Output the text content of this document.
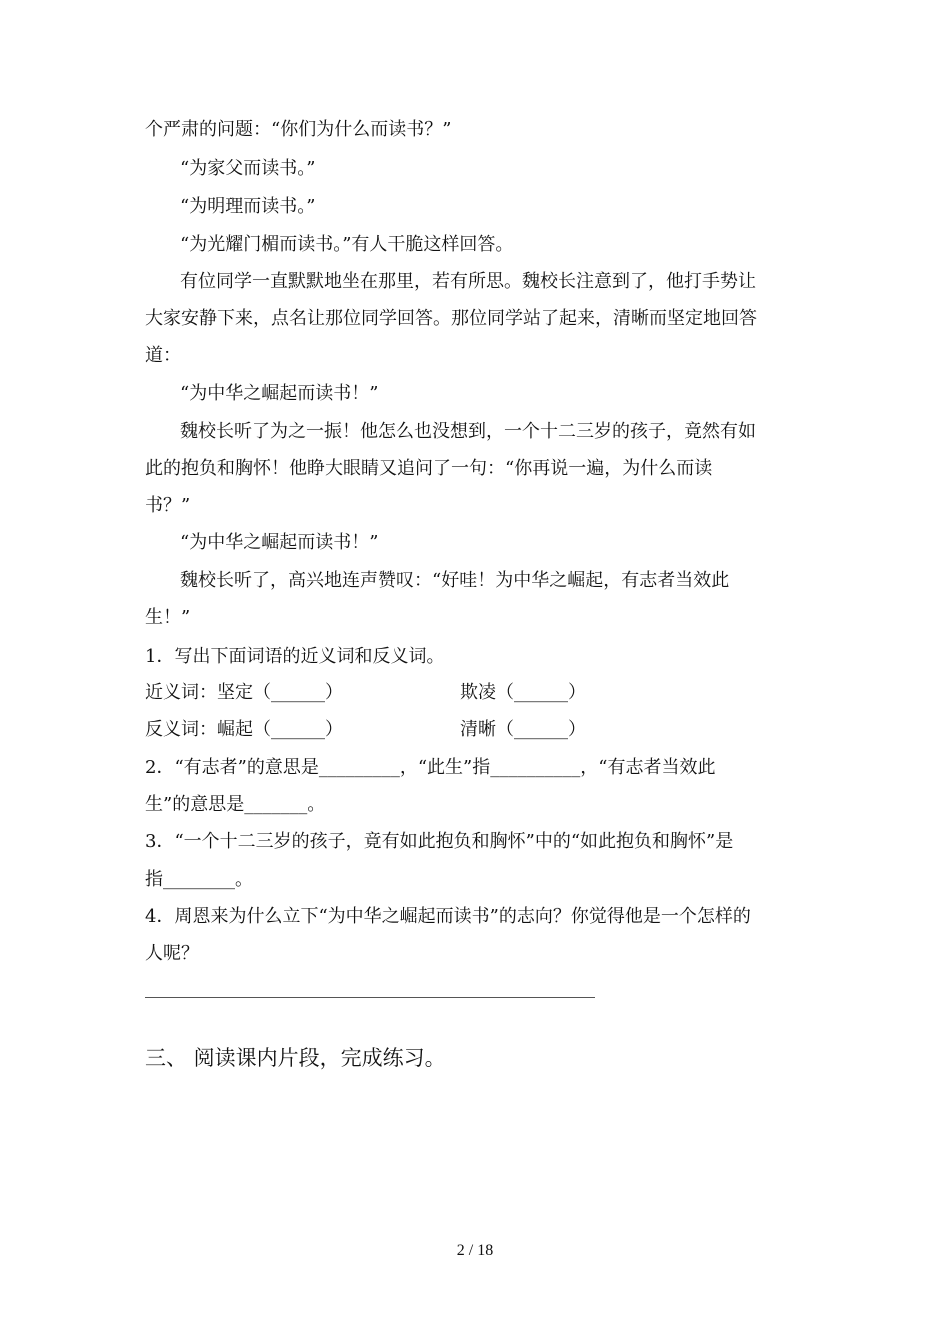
个严肃的问题：“你们为什么而读书？”
“为家父而读书。”
“为明理而读书。”
“为光耀门楣而读书。”有人干脆这样回答。
有位同学一直默默地坐在那里，若有所思。魏校长注意到了，他打手势让
大家安静下来，点名让那位同学回答。那位同学站了起来，清晰而坚定地回答
道：
“为中华之崛起而读书！”
魏校长听了为之一振！他怎么也没想到，一个十二三岁的孩子，竟然有如
此的抱负和胸怀！他睁大眼睛又追问了一句：“你再说一遍，为什么而读
书？”
“为中华之崛起而读书！”
魏校长听了，高兴地连声赞叹：“好哇！为中华之崛起，有志者当效此
生！”
1．写出下面词语的近义词和反义词。
近义词：坚定（______）	欺凌（______）
反义词：崛起（______）	清晰（______）
2．“有志者”的意思是_________，“此生”指__________，“有志者当效此
生”的意思是_______。
3．“一个十二三岁的孩子，竟有如此抱负和胸怀”中的“如此抱负和胸怀”是
指________。
4．周恩来为什么立下“为中华之崛起而读书”的志向？你觉得他是一个怎样的
人呢？
三、 阅读课内片段，完成练习。
2 / 18
